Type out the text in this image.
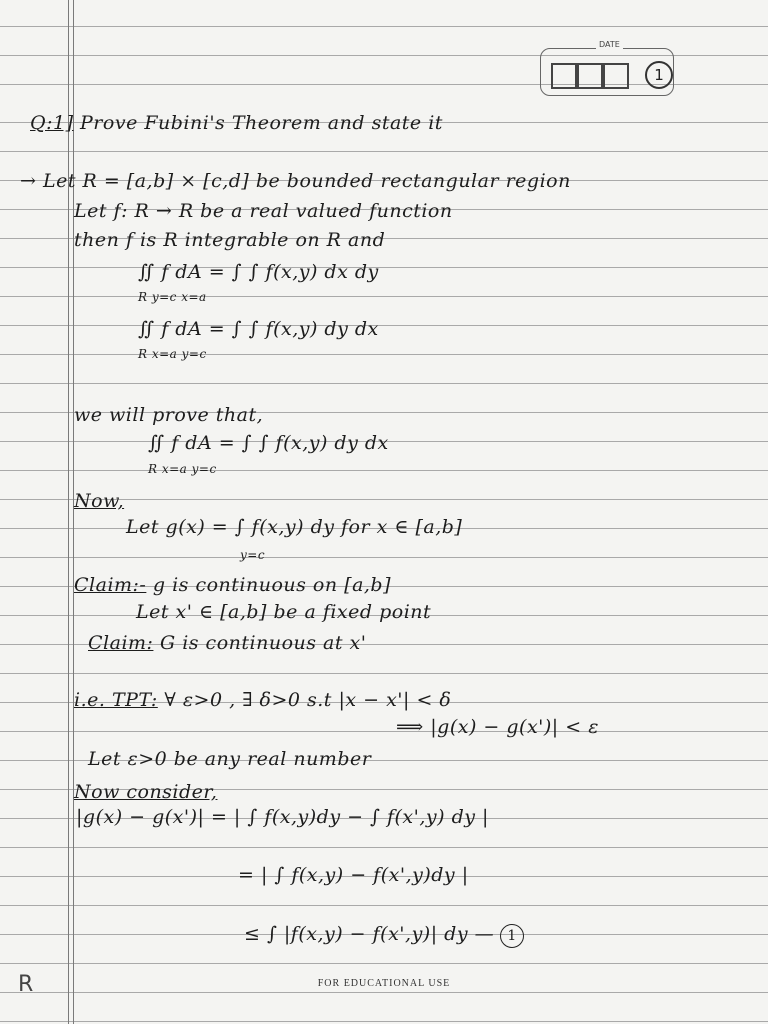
DATE
1
Q:1] Prove Fubini's Theorem and state it
→ Let R = [a,b] × [c,d] be bounded rectangular region
Let f: R → R be a real valued function
then f is R integrable on R and
∬ f dA = ∫ ∫ f(x,y) dx dy
R y=c x=a
∬ f dA = ∫ ∫ f(x,y) dy dx
R x=a y=c
we will prove that,
∬ f dA = ∫ ∫ f(x,y) dy dx
R x=a y=c
Now,
Let g(x) = ∫ f(x,y) dy for x ∈ [a,b]
y=c
Claim:- g is continuous on [a,b]
Let x' ∈ [a,b] be a fixed point
Claim: G is continuous at x'
i.e. TPT: ∀ ε>0 , ∃ δ>0 s.t |x − x'| < δ
⟹ |g(x) − g(x')| < ε
Let ε>0 be any real number
Now consider,
|g(x) − g(x')| = | ∫ f(x,y)dy − ∫ f(x',y) dy |
= | ∫ f(x,y) − f(x',y)dy |
≤ ∫ |f(x,y) − f(x',y)| dy — 1
R	FOR EDUCATIONAL USE
